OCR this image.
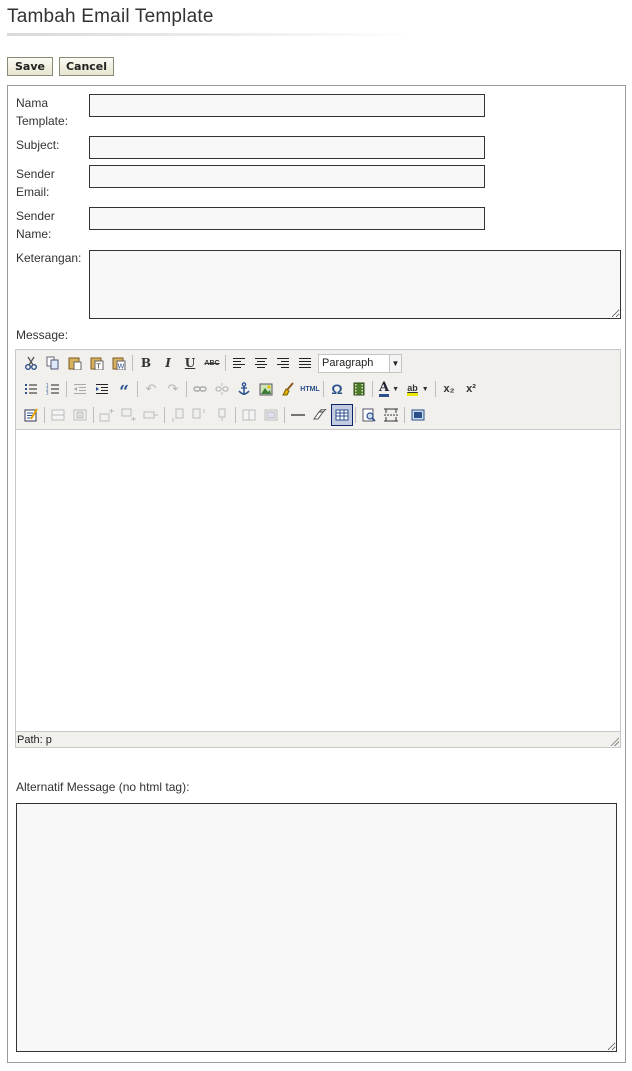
Tambah Email Template
Save	Cancel
Nama
Template:
Subject:
Sender
Email:
Sender
Name:
Keterangan:
Message:
T W	B	I	U	ABC	Paragraph	▼
1
2
3	“	↶ ↷	HTML Ω	A ▼ ab ▼	x₂	x²
Path: p
Alternatif Message (no html tag):
